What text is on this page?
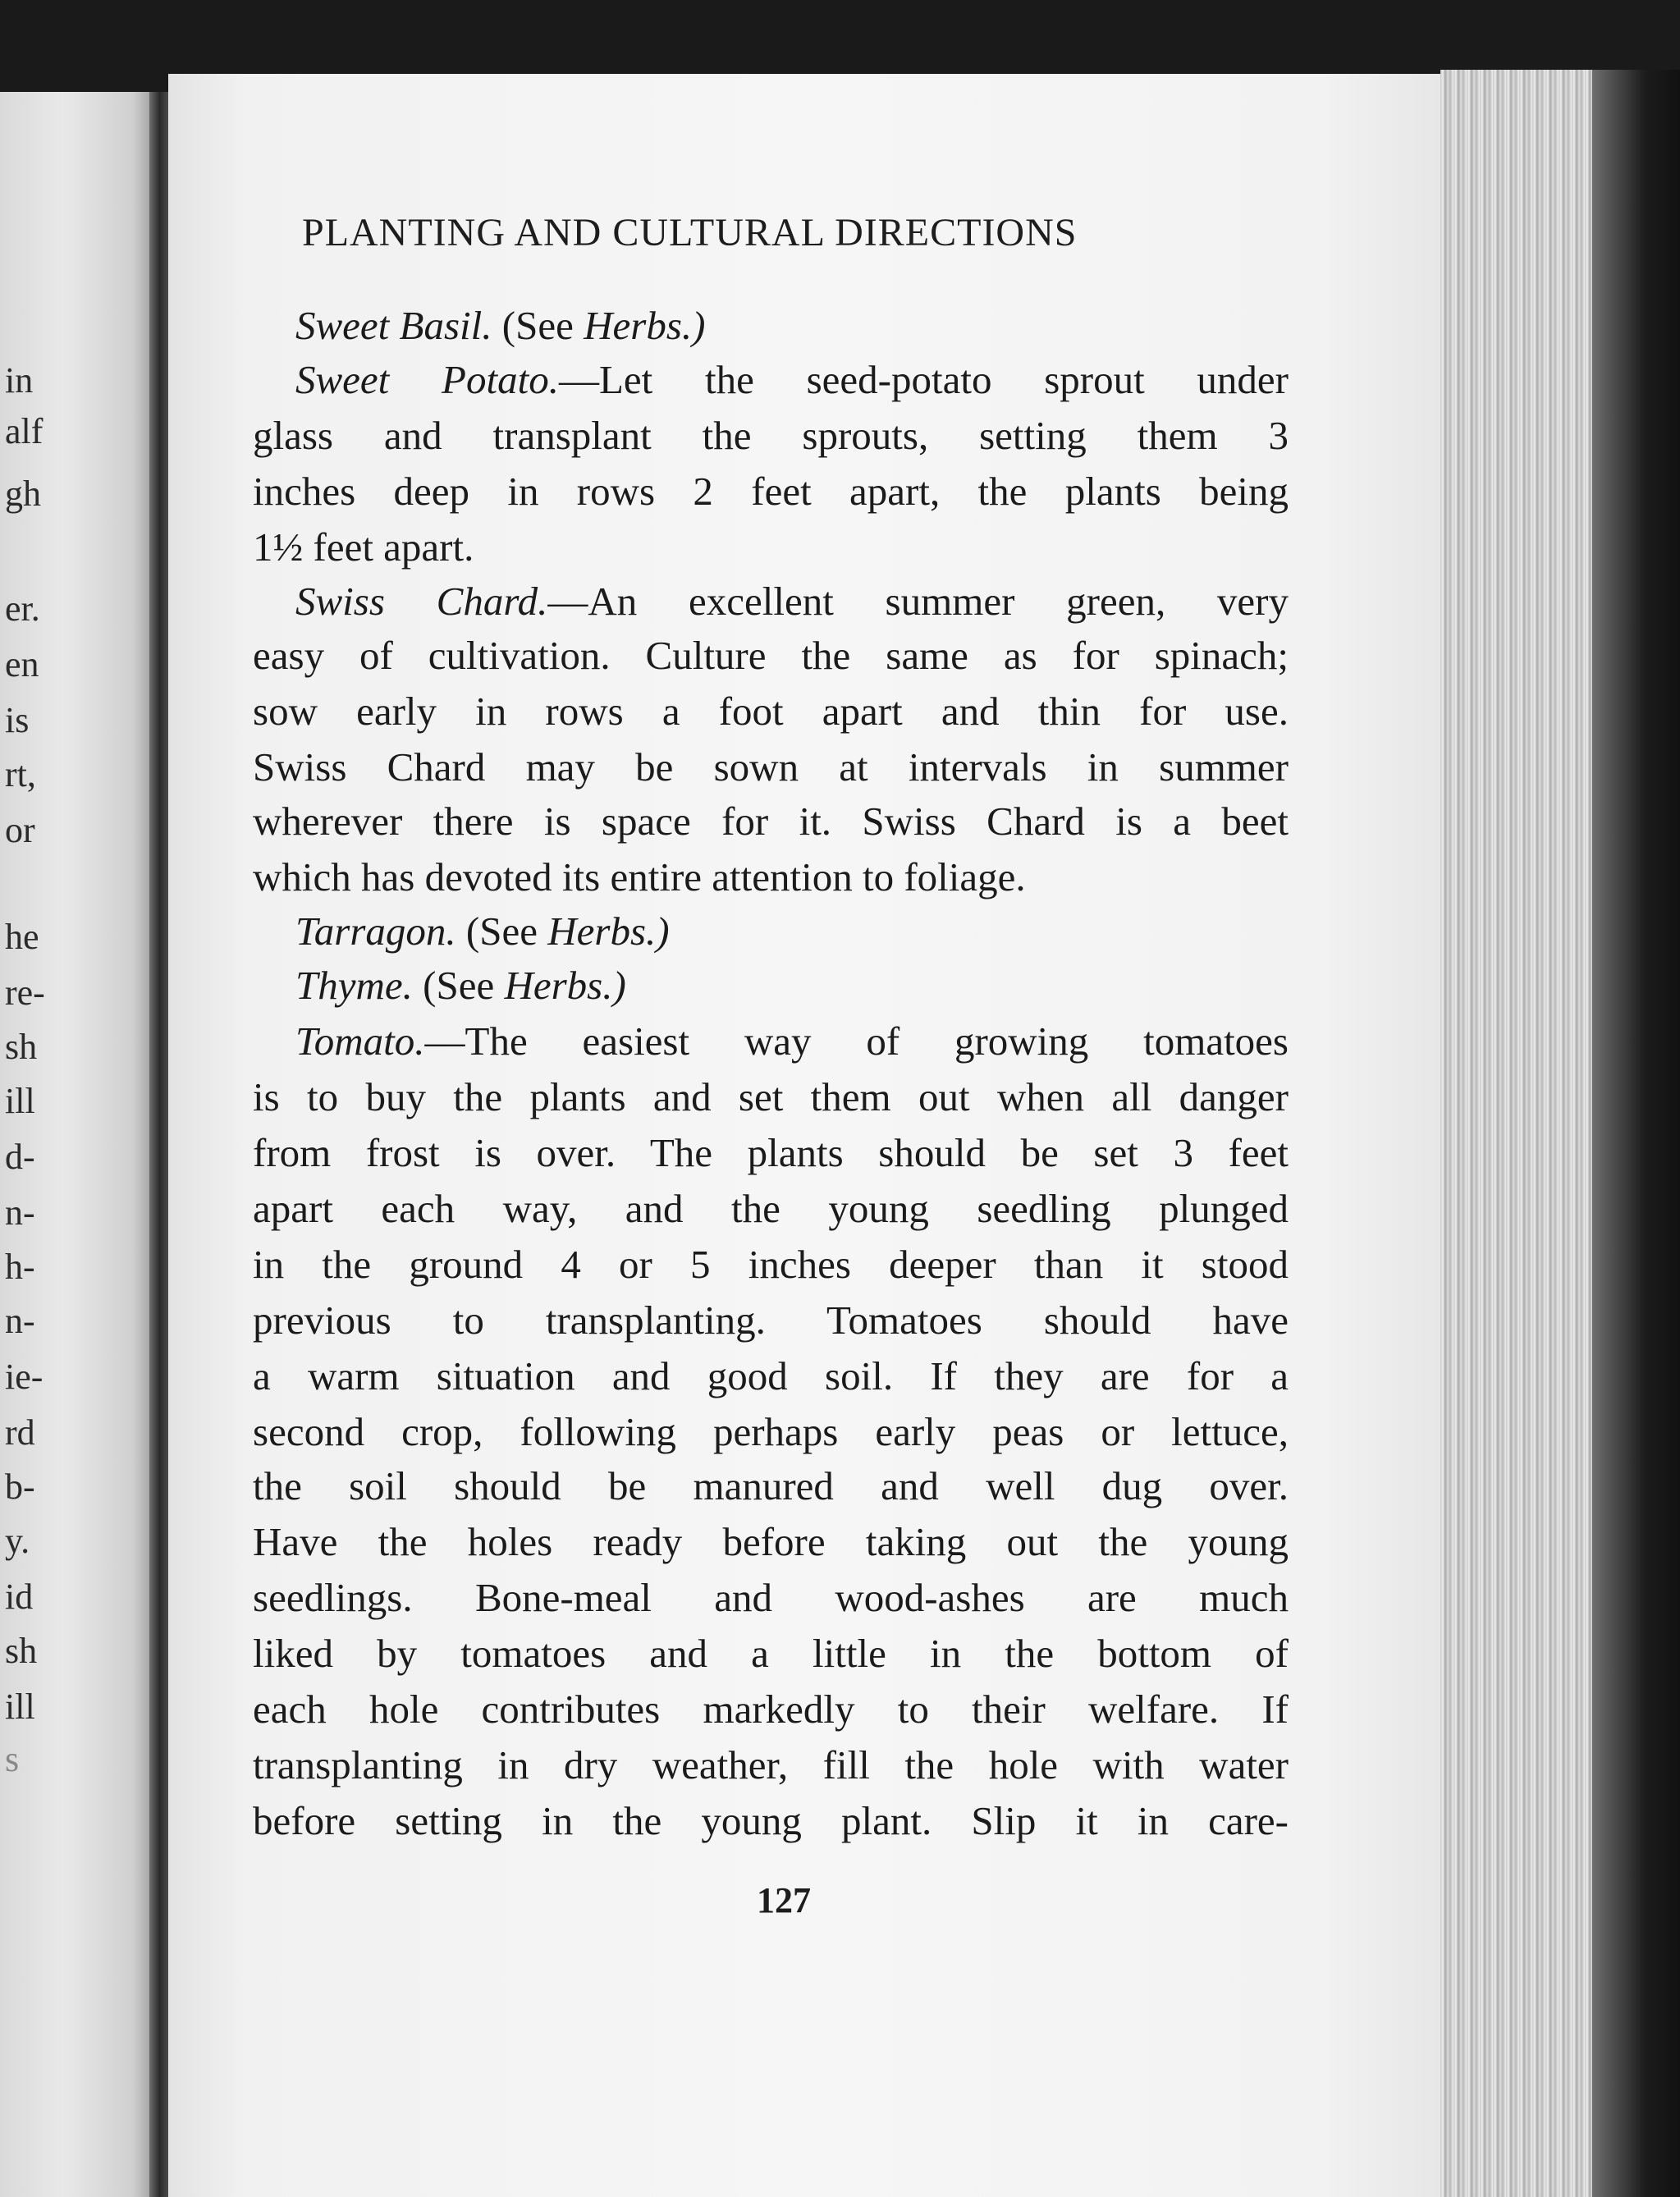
in
alf
gh
er.
en
is
rt,
or
he
re-
sh
ill
d-
n-
h-
n-
ie-
rd
b-
y.
id
sh
ill
s
PLANTING AND CULTURAL DIRECTIONS
Sweet Basil. (See Herbs.)
Sweet Potato.—Let the seed-potato sprout under
glass and transplant the sprouts, setting them 3
inches deep in rows 2 feet apart, the plants being
1½ feet apart.
Swiss Chard.—An excellent summer green, very
easy of cultivation. Culture the same as for spinach;
sow early in rows a foot apart and thin for use.
Swiss Chard may be sown at intervals in summer
wherever there is space for it. Swiss Chard is a beet
which has devoted its entire attention to foliage.
Tarragon. (See Herbs.)
Thyme. (See Herbs.)
Tomato.—The easiest way of growing tomatoes
is to buy the plants and set them out when all danger
from frost is over. The plants should be set 3 feet
apart each way, and the young seedling plunged
in the ground 4 or 5 inches deeper than it stood
previous to transplanting. Tomatoes should have
a warm situation and good soil. If they are for a
second crop, following perhaps early peas or lettuce,
the soil should be manured and well dug over.
Have the holes ready before taking out the young
seedlings. Bone-meal and wood-ashes are much
liked by tomatoes and a little in the bottom of
each hole contributes markedly to their welfare. If
transplanting in dry weather, fill the hole with water
before setting in the young plant. Slip it in care-
127
